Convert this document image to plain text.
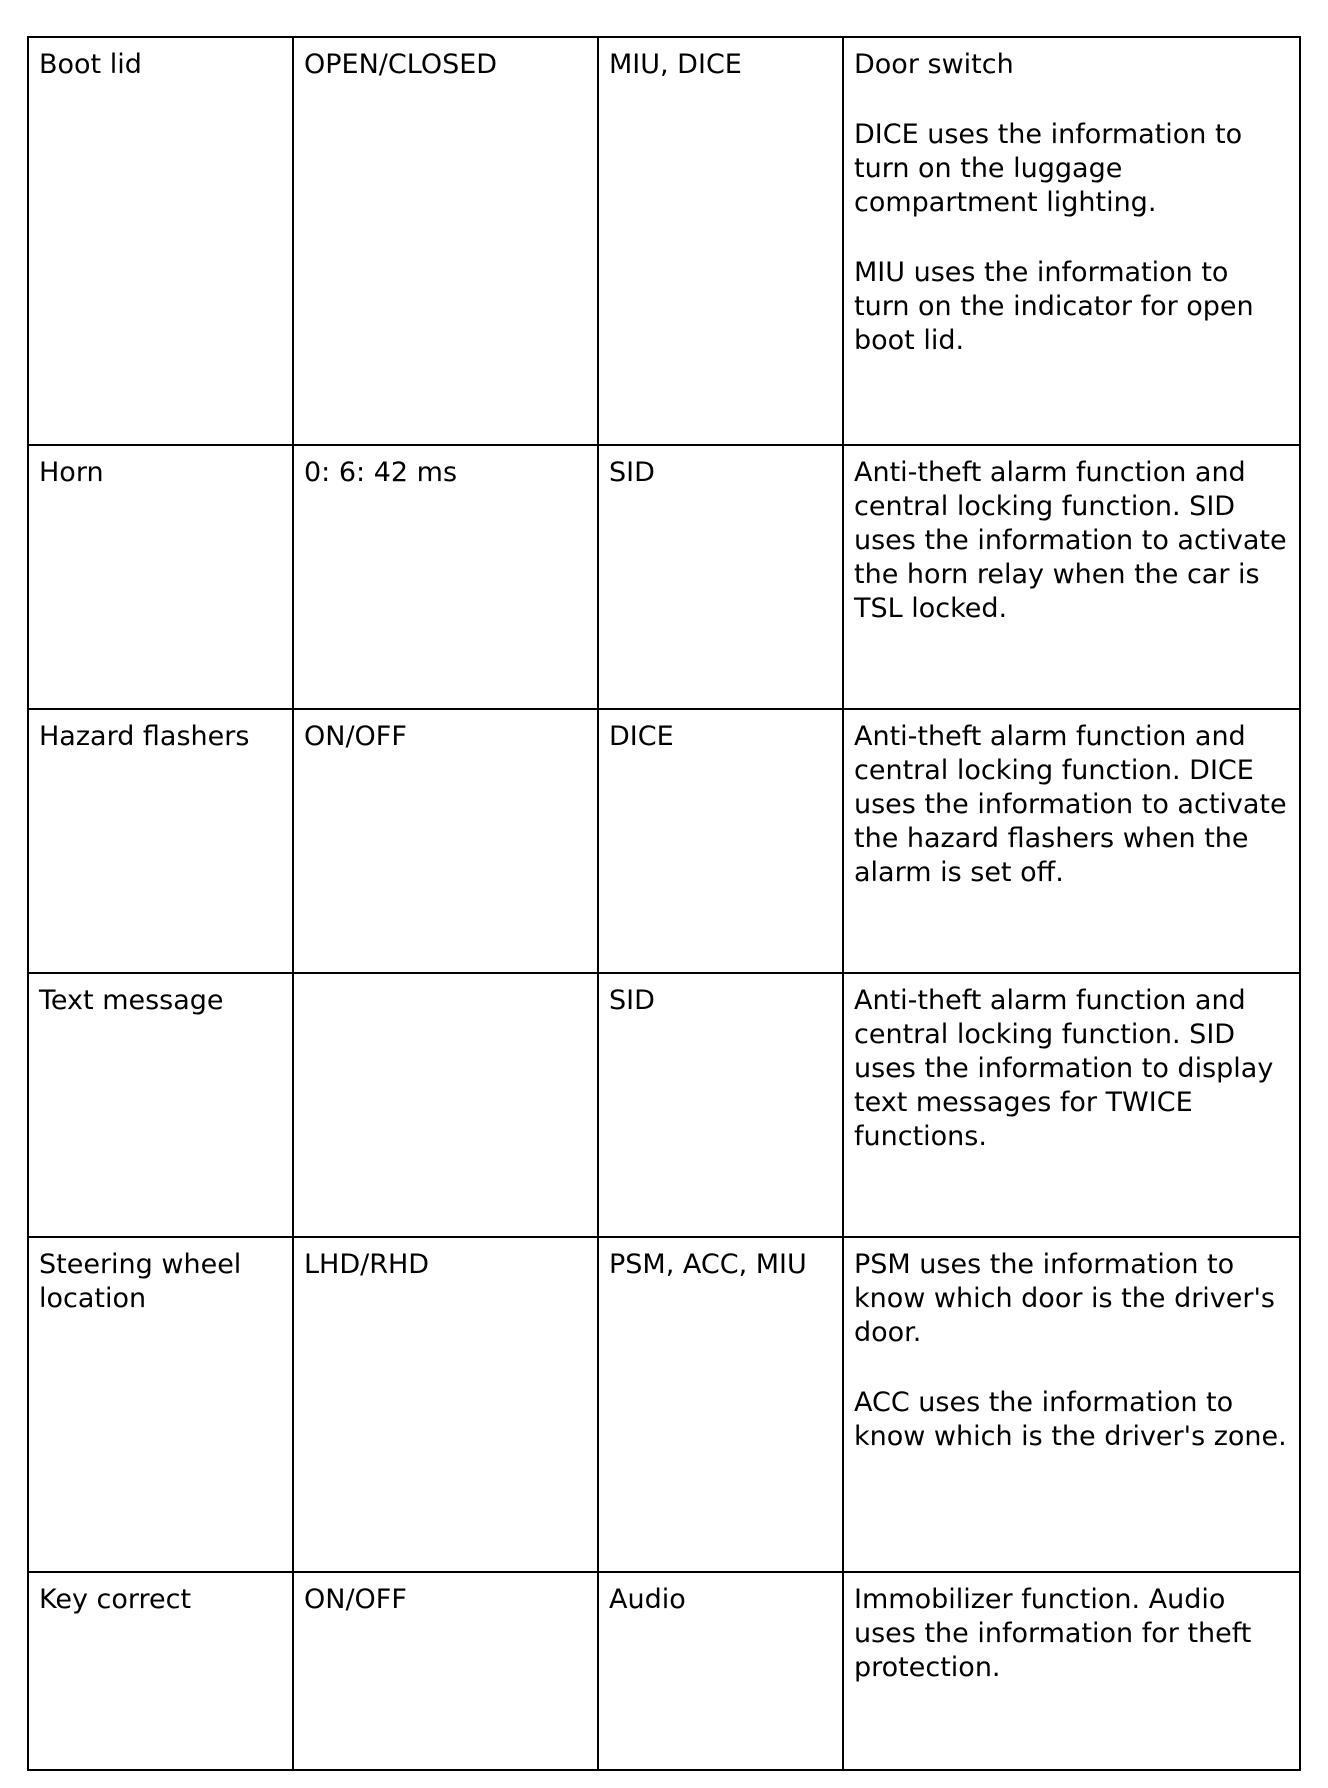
Boot lid	OPEN/CLOSED	MIU, DICE	Door switch

DICE uses the information to turn on the luggage compartment lighting.

MIU uses the information to turn on the indicator for open boot lid.

Horn	0: 6: 42 ms	SID	Anti-theft alarm function and central locking function. SID uses the information to activate the horn relay when the car is TSL locked.

Hazard flashers	ON/OFF	DICE	Anti-theft alarm function and central locking function. DICE uses the information to activate the hazard flashers when the alarm is set off.

Text message		SID	Anti-theft alarm function and central locking function. SID uses the information to display text messages for TWICE functions.

Steering wheel location	LHD/RHD	PSM, ACC, MIU	PSM uses the information to know which door is the driver's door.

ACC uses the information to know which is the driver's zone.

Key correct	ON/OFF	Audio	Immobilizer function. Audio uses the information for theft protection.
